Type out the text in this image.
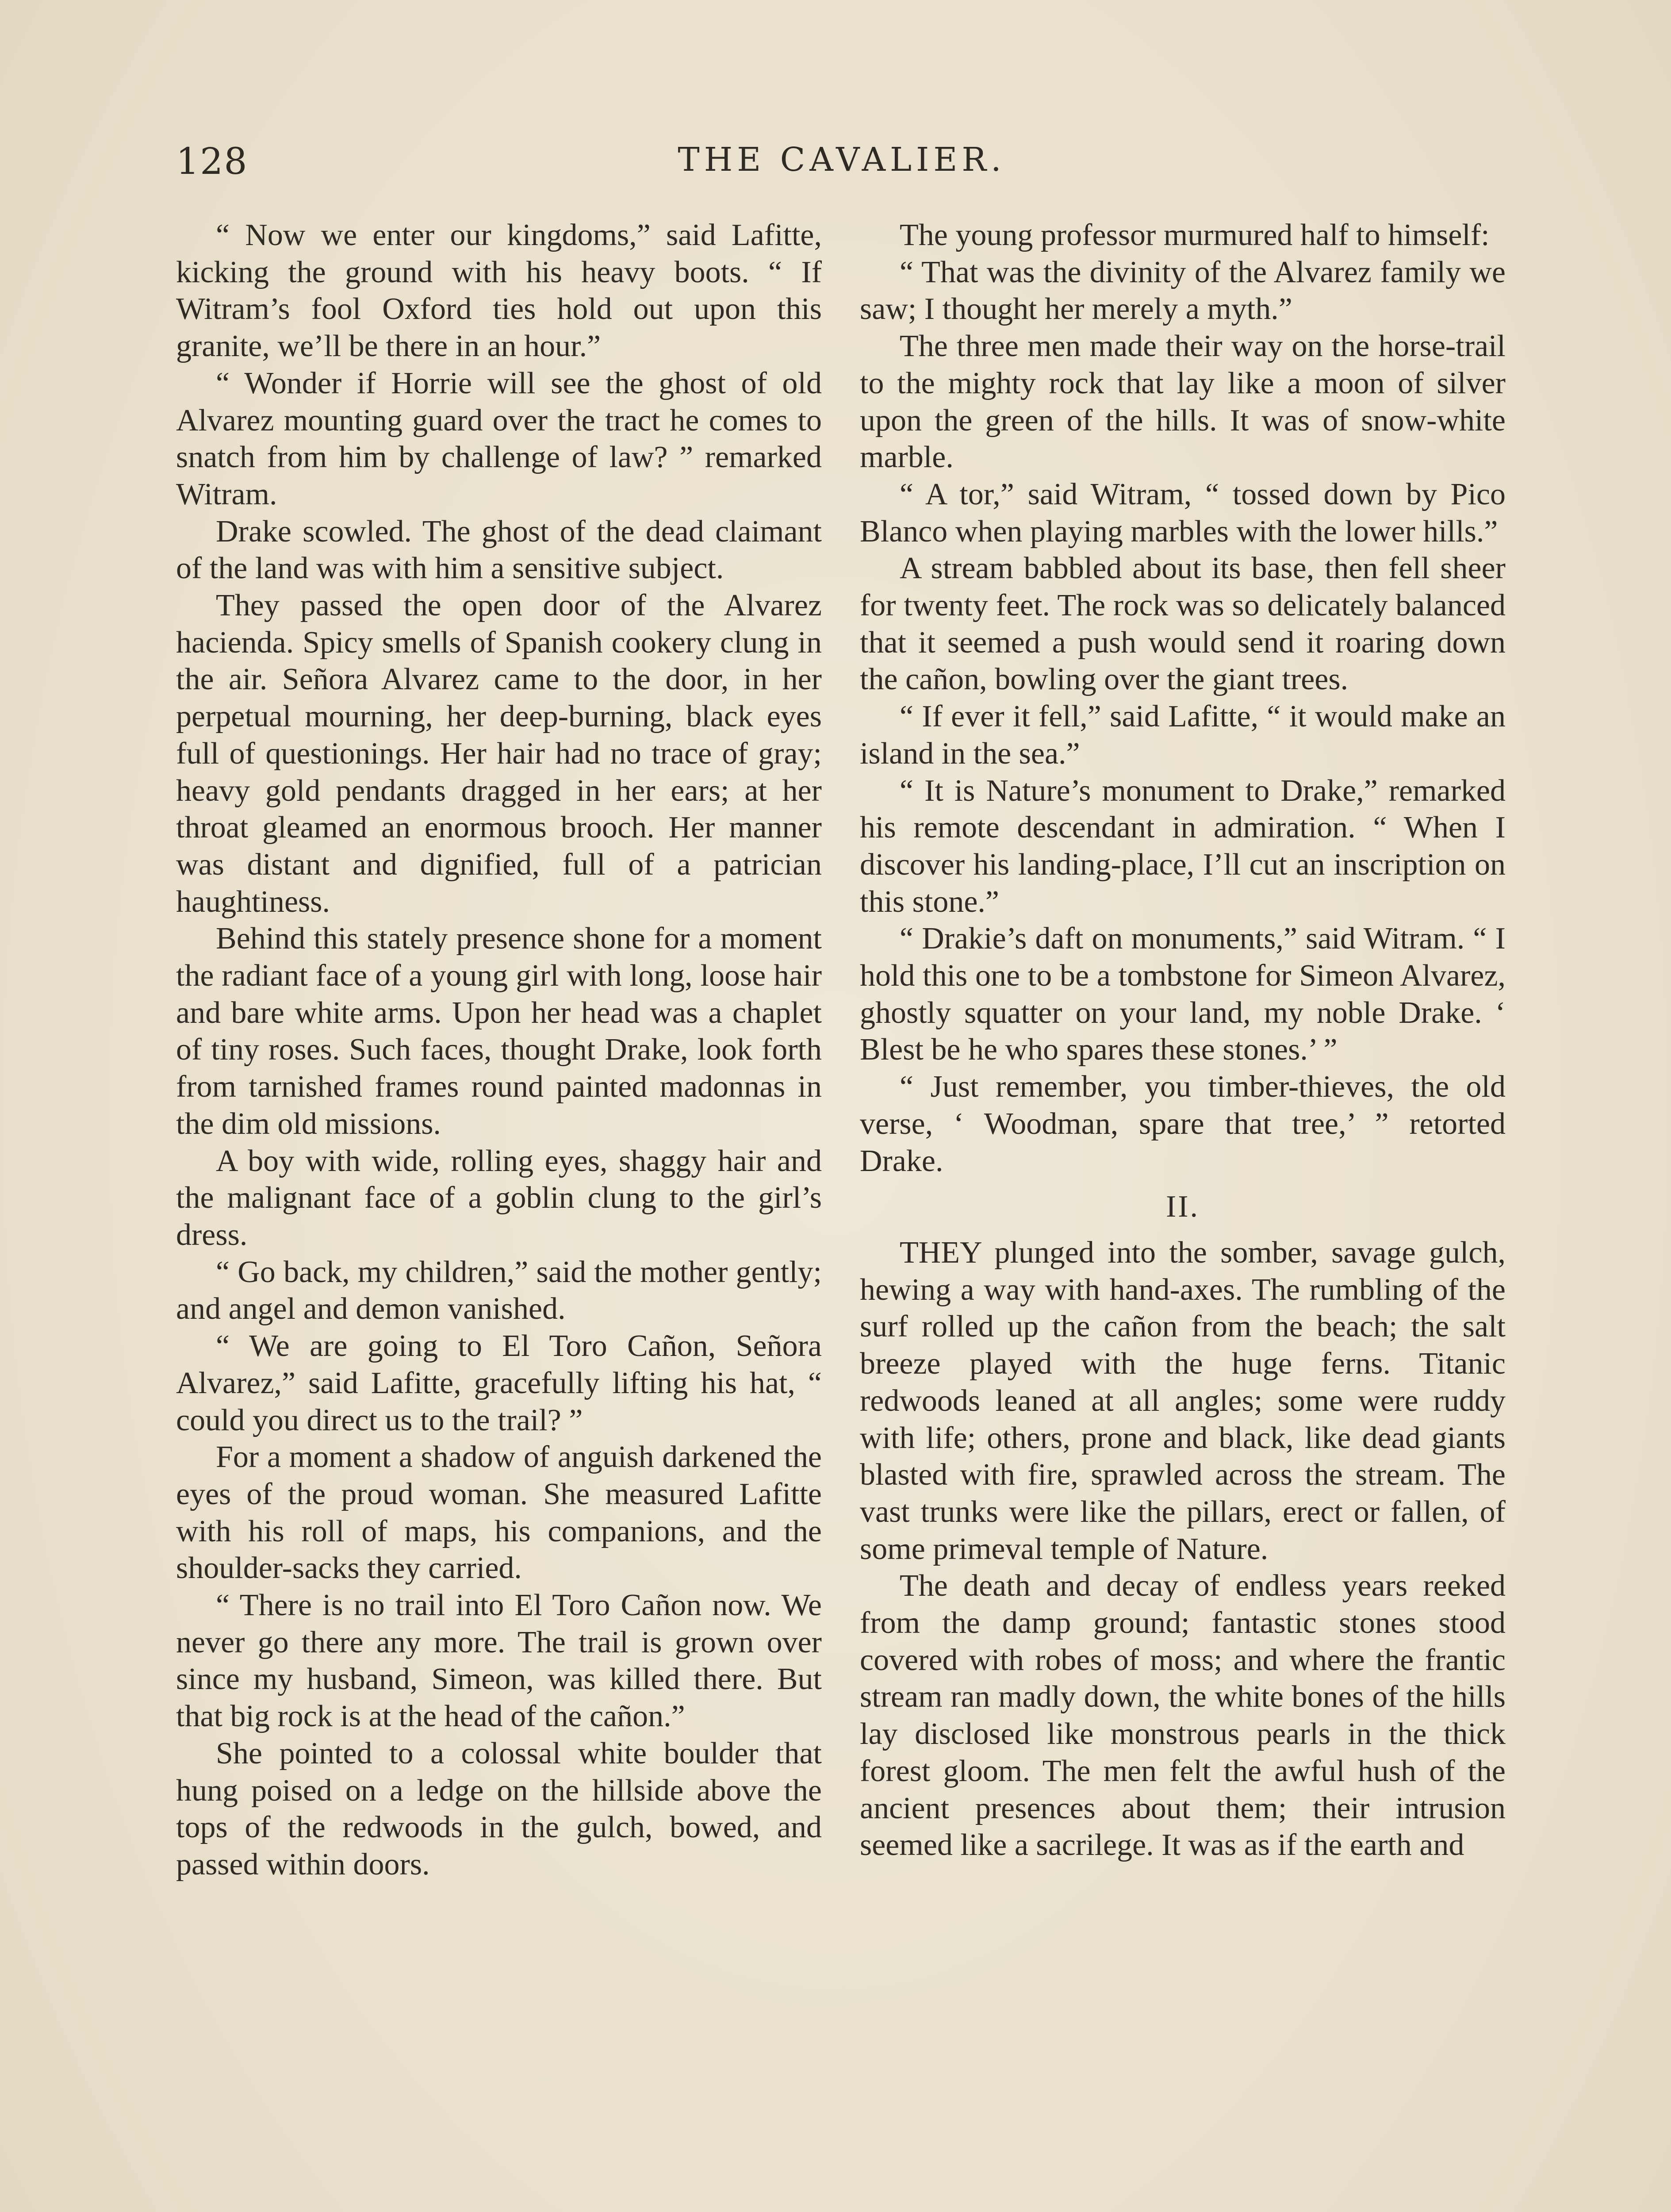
128	THE CAVALIER.

“ Now we enter our kingdoms,” said Lafitte, kicking the ground with his heavy boots. “ If Witram’s fool Oxford ties hold out upon this granite, we’ll be there in an hour.”

“ Wonder if Horrie will see the ghost of old Alvarez mounting guard over the tract he comes to snatch from him by challenge of law? ” remarked Witram.

Drake scowled. The ghost of the dead claimant of the land was with him a sensitive subject.

They passed the open door of the Alvarez hacienda. Spicy smells of Spanish cookery clung in the air. Señora Alvarez came to the door, in her perpetual mourning, her deep-burning, black eyes full of questionings. Her hair had no trace of gray; heavy gold pendants dragged in her ears; at her throat gleamed an enormous brooch. Her manner was distant and dignified, full of a patrician haughtiness.

Behind this stately presence shone for a moment the radiant face of a young girl with long, loose hair and bare white arms. Upon her head was a chaplet of tiny roses. Such faces, thought Drake, look forth from tarnished frames round painted madonnas in the dim old missions.

A boy with wide, rolling eyes, shaggy hair and the malignant face of a goblin clung to the girl’s dress.

“ Go back, my children,” said the mother gently; and angel and demon vanished.

“ We are going to El Toro Cañon, Señora Alvarez,” said Lafitte, gracefully lifting his hat, “ could you direct us to the trail? ”

For a moment a shadow of anguish darkened the eyes of the proud woman. She measured Lafitte with his roll of maps, his companions, and the shoulder-sacks they carried.

“ There is no trail into El Toro Cañon now. We never go there any more. The trail is grown over since my husband, Simeon, was killed there. But that big rock is at the head of the cañon.”

She pointed to a colossal white boulder that hung poised on a ledge on the hillside above the tops of the redwoods in the gulch, bowed, and passed within doors.

The young professor murmured half to himself:

“ That was the divinity of the Alvarez family we saw; I thought her merely a myth.”

The three men made their way on the horse-trail to the mighty rock that lay like a moon of silver upon the green of the hills. It was of snow-white marble.

“ A tor,” said Witram, “ tossed down by Pico Blanco when playing marbles with the lower hills.”

A stream babbled about its base, then fell sheer for twenty feet. The rock was so delicately balanced that it seemed a push would send it roaring down the cañon, bowling over the giant trees.

“ If ever it fell,” said Lafitte, “ it would make an island in the sea.”

“ It is Nature’s monument to Drake,” remarked his remote descendant in admiration. “ When I discover his landing-place, I’ll cut an inscription on this stone.”

“ Drakie’s daft on monuments,” said Witram. “ I hold this one to be a tombstone for Simeon Alvarez, ghostly squatter on your land, my noble Drake. ‘ Blest be he who spares these stones.’ ”

“ Just remember, you timber-thieves, the old verse, ‘ Woodman, spare that tree,’ ” retorted Drake.

II.

THEY plunged into the somber, savage gulch, hewing a way with hand-axes. The rumbling of the surf rolled up the cañon from the beach; the salt breeze played with the huge ferns. Titanic redwoods leaned at all angles; some were ruddy with life; others, prone and black, like dead giants blasted with fire, sprawled across the stream. The vast trunks were like the pillars, erect or fallen, of some primeval temple of Nature.

The death and decay of endless years reeked from the damp ground; fantastic stones stood covered with robes of moss; and where the frantic stream ran madly down, the white bones of the hills lay disclosed like monstrous pearls in the thick forest gloom. The men felt the awful hush of the ancient presences about them; their intrusion seemed like a sacrilege. It was as if the earth and
